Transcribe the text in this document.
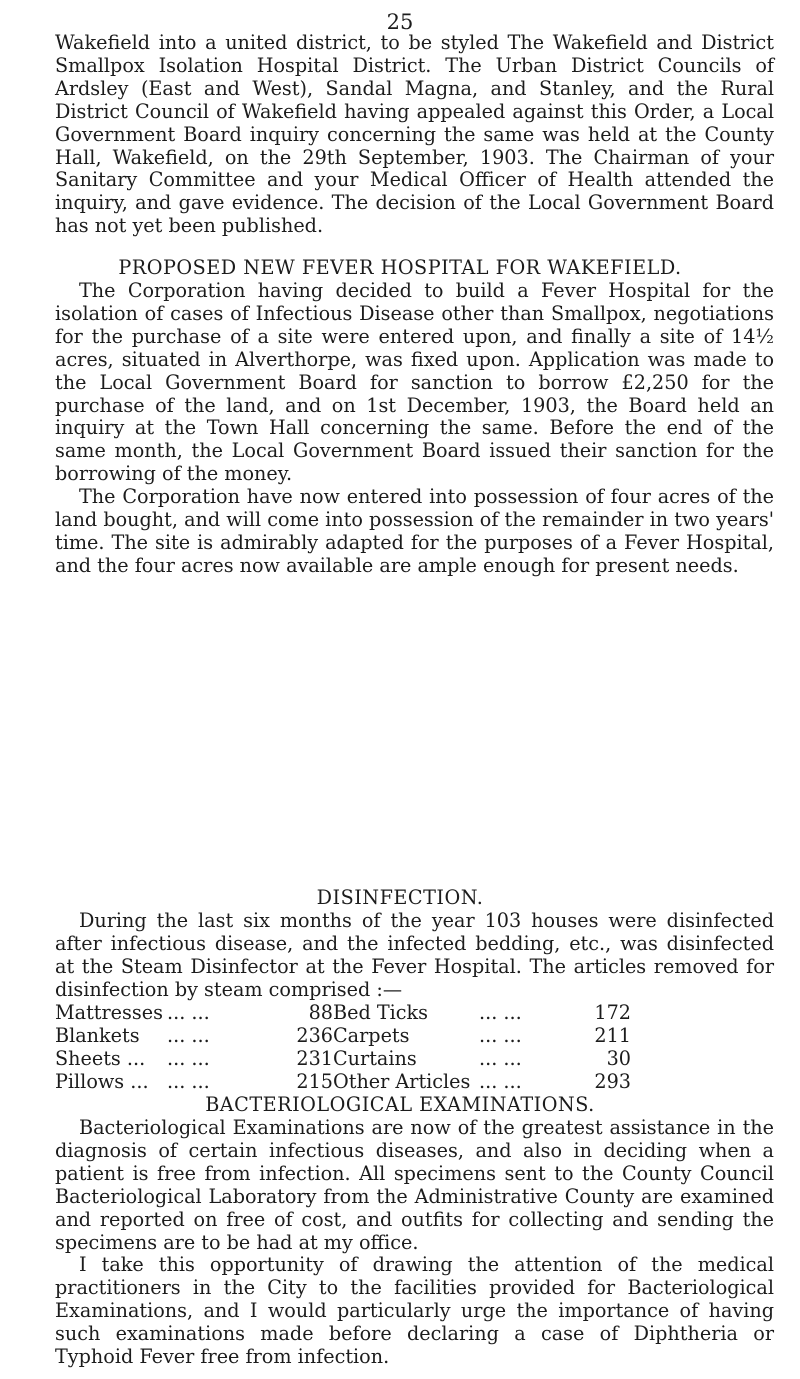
25

Wakefield into a united district, to be styled The Wakefield and District Smallpox Isolation Hospital District. The Urban District Councils of Ardsley (East and West), Sandal Magna, and Stanley, and the Rural District Council of Wakefield having appealed against this Order, a Local Government Board inquiry concerning the same was held at the County Hall, Wakefield, on the 29th September, 1903. The Chairman of your Sanitary Committee and your Medical Officer of Health attended the inquiry, and gave evidence. The decision of the Local Government Board has not yet been published.

PROPOSED NEW FEVER HOSPITAL FOR WAKEFIELD.

The Corporation having decided to build a Fever Hospital for the isolation of cases of Infectious Disease other than Smallpox, negotiations for the purchase of a site were entered upon, and finally a site of 14½ acres, situated in Alverthorpe, was fixed upon. Application was made to the Local Government Board for sanction to borrow £2,250 for the purchase of the land, and on 1st December, 1903, the Board held an inquiry at the Town Hall concerning the same. Before the end of the same month, the Local Government Board issued their sanction for the borrowing of the money.

The Corporation have now entered into possession of four acres of the land bought, and will come into possession of the remainder in two years' time. The site is admirably adapted for the purposes of a Fever Hospital, and the four acres now available are ample enough for present needs.

DISINFECTION.

During the last six months of the year 103 houses were disinfected after infectious disease, and the infected bedding, etc., was disinfected at the Steam Disinfector at the Fever Hospital. The articles removed for disinfection by steam comprised :—

Mattresses	... ...	88	Bed Ticks	... ...	172
Blankets	... ...	236	Carpets	... ...	211
Sheets ...	... ...	231	Curtains	... ...	30
Pillows ...	... ...	215	Other Articles	... ...	293
BACTERIOLOGICAL EXAMINATIONS.

Bacteriological Examinations are now of the greatest assistance in the diagnosis of certain infectious diseases, and also in deciding when a patient is free from infection. All specimens sent to the County Council Bacteriological Laboratory from the Administrative County are examined and reported on free of cost, and outfits for collecting and sending the specimens are to be had at my office.

I take this opportunity of drawing the attention of the medical practitioners in the City to the facilities provided for Bacteriological Examinations, and I would particularly urge the importance of having such examinations made before declaring a case of Diphtheria or Typhoid Fever free from infection.
